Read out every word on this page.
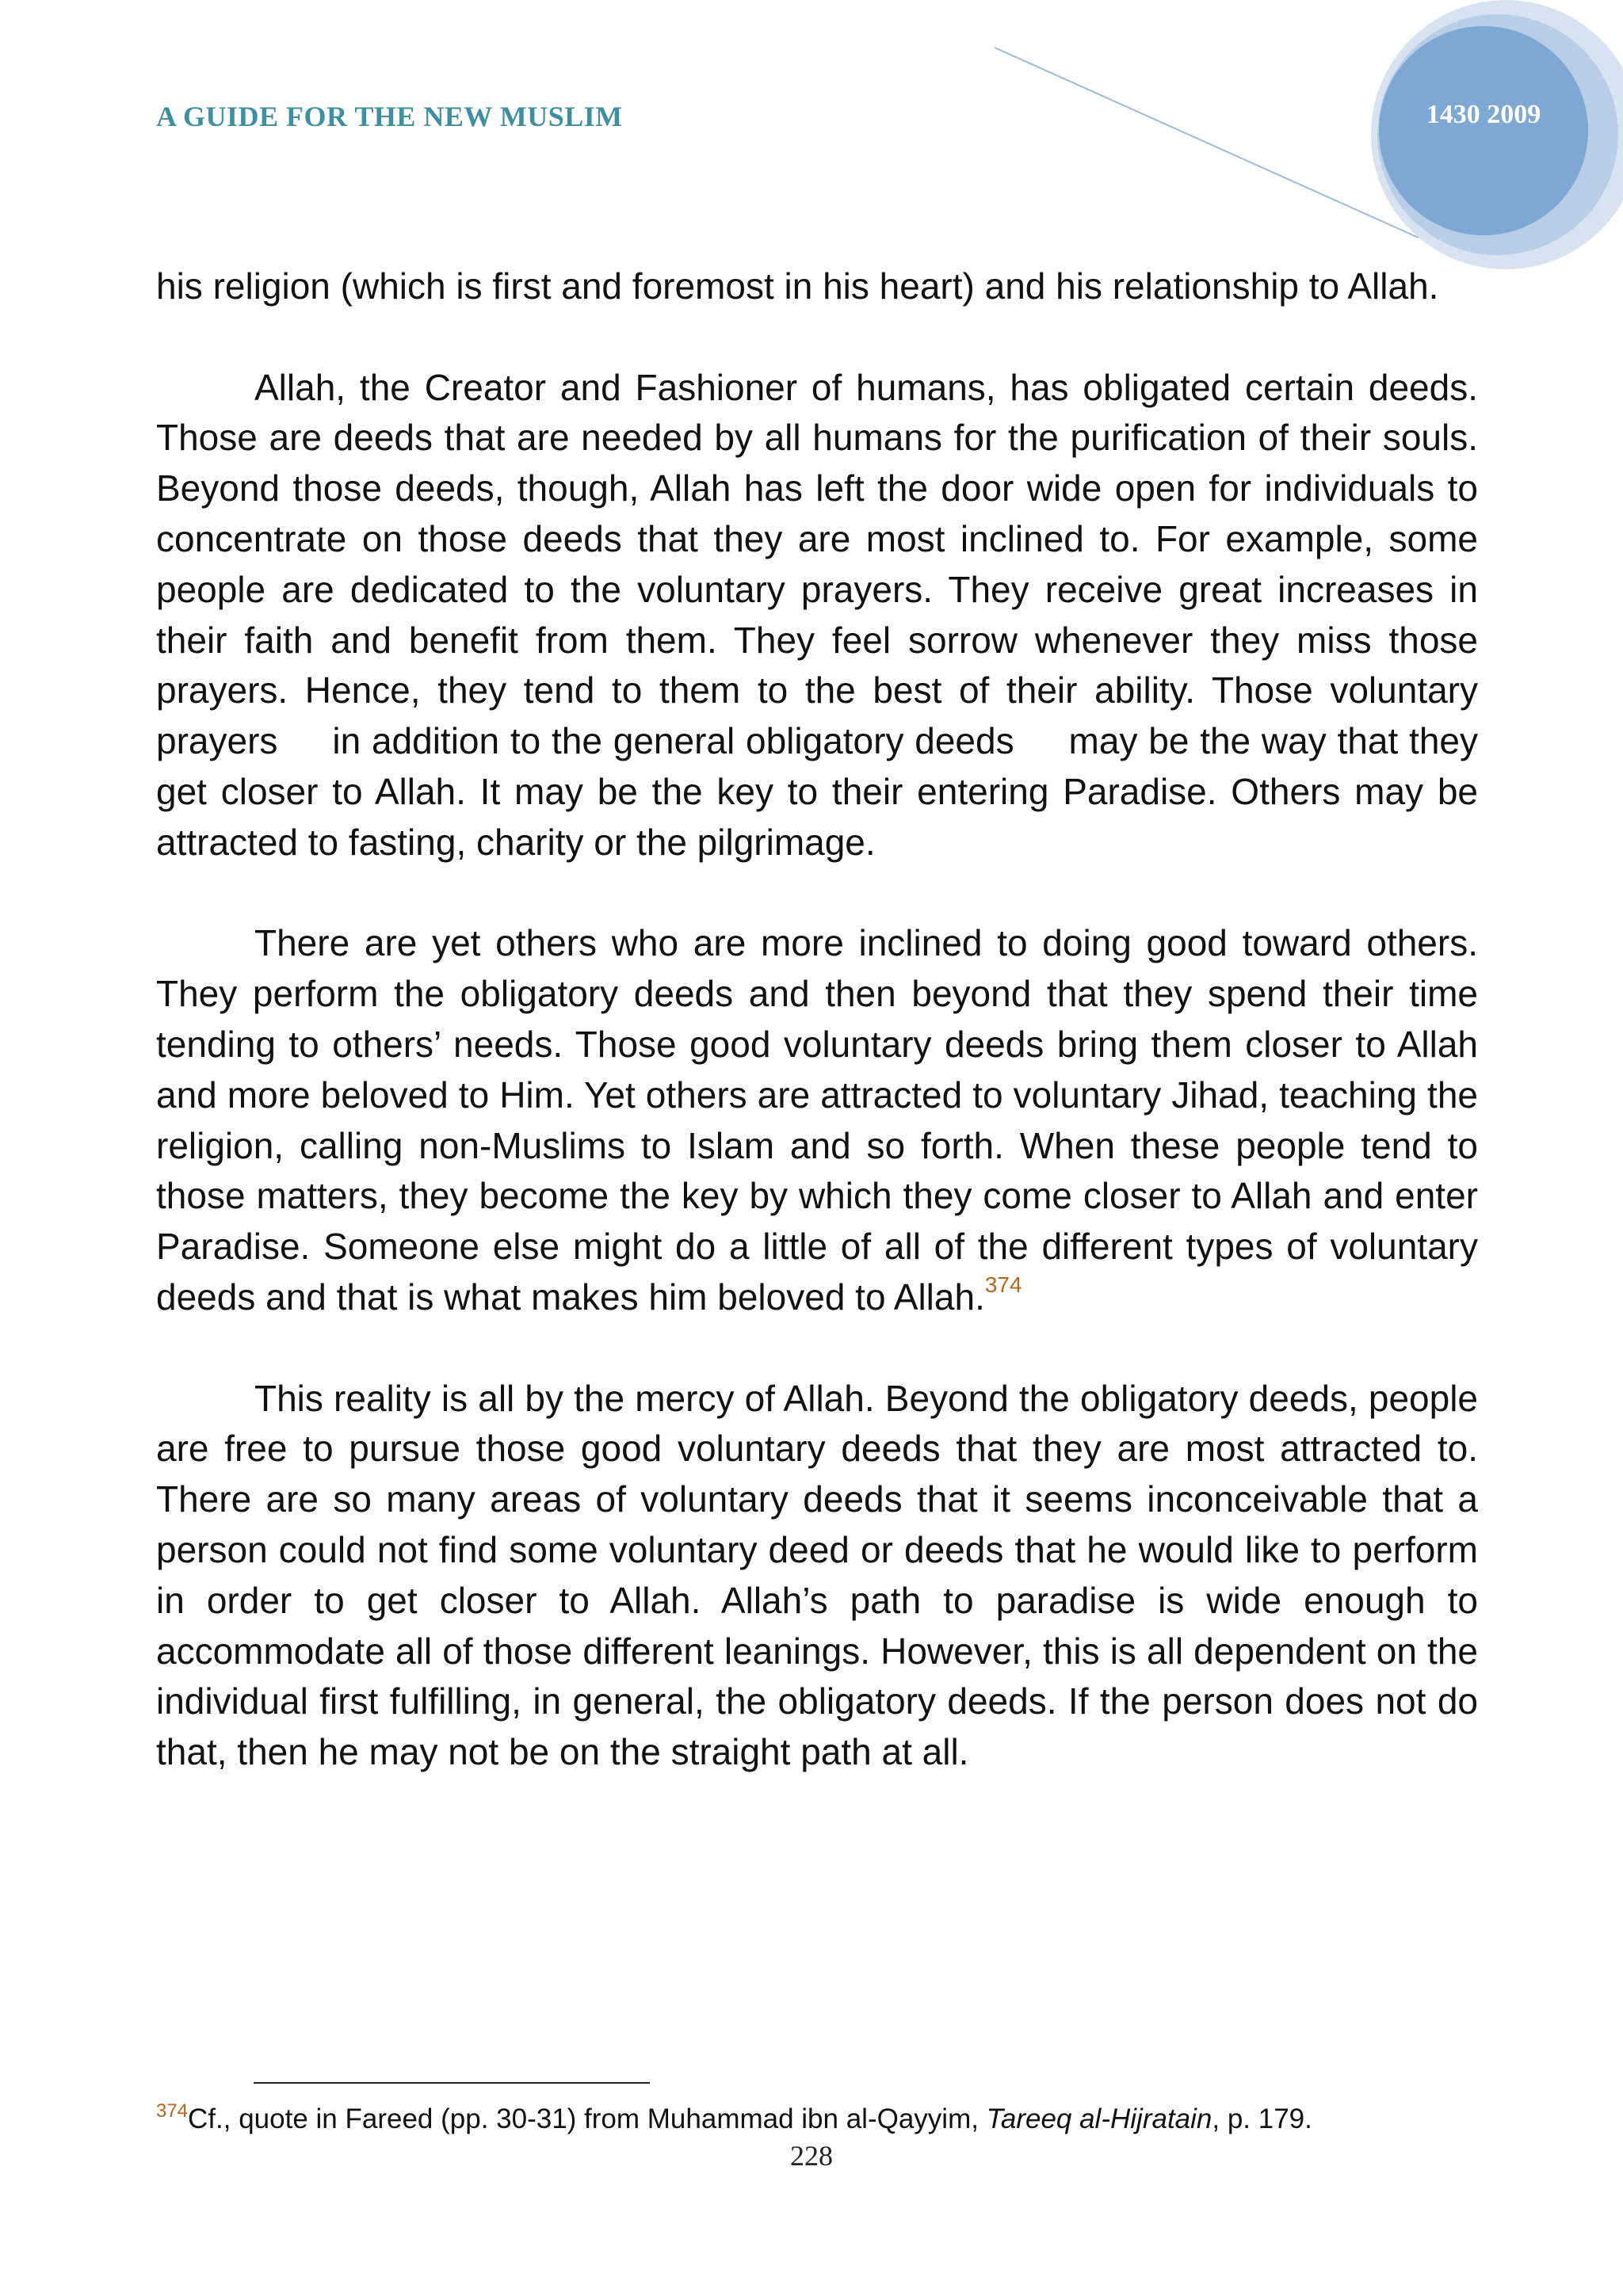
A GUIDE FOR THE NEW MUSLIM	1430 2009

his religion (which is first and foremost in his heart) and his relationship to Allah.

Allah, the Creator and Fashioner of humans, has obligated certain deeds. Those are deeds that are needed by all humans for the purification of their souls. Beyond those deeds, though, Allah has left the door wide open for individuals to concentrate on those deeds that they are most inclined to. For example, some people are dedicated to the voluntary prayers. They receive great increases in their faith and benefit from them. They feel sorrow whenever they miss those prayers. Hence, they tend to them to the best of their ability. Those voluntary prayers     in addition to the general obligatory deeds     may be the way that they get closer to Allah. It may be the key to their entering Paradise. Others may be attracted to fasting, charity or the pilgrimage.

There are yet others who are more inclined to doing good toward others. They perform the obligatory deeds and then beyond that they spend their time tending to others’ needs. Those good voluntary deeds bring them closer to Allah and more beloved to Him. Yet others are attracted to voluntary Jihad, teaching the religion, calling non-Muslims to Islam and so forth. When these people tend to those matters, they become the key by which they come closer to Allah and enter Paradise. Someone else might do a little of all of the different types of voluntary deeds and that is what makes him beloved to Allah.$^{374}$

This reality is all by the mercy of Allah. Beyond the obligatory deeds, people are free to pursue those good voluntary deeds that they are most attracted to. There are so many areas of voluntary deeds that it seems inconceivable that a person could not find some voluntary deed or deeds that he would like to perform in order to get closer to Allah. Allah’s path to paradise is wide enough to accommodate all of those different leanings. However, this is all dependent on the individual first fulfilling, in general, the obligatory deeds. If the person does not do that, then he may not be on the straight path at all.

$^{374}$Cf., quote in Fareed (pp. 30-31) from Muhammad ibn al-Qayyim, Tareeq al-Hijratain, p. 179.
228
